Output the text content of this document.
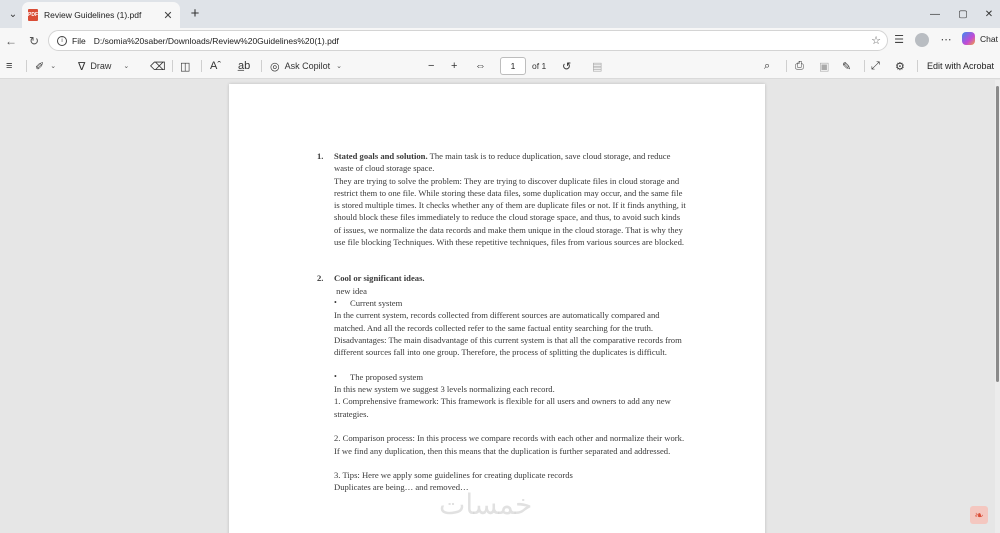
⌄	PDF Review Guidelines (1).pdf	✕	+	—	▢	✕
← ↻	i	File D:/somia%20saber/Downloads/Review%20Guidelines%20(1).pdf	☆ ☰	⋯	Chat
≡ ✐ ⌄ ∇ Draw ⌄ ⌫ ◫ Aˆ a̲b ◎ Ask Copilot ⌄	− + ⇔	1	of 1 ↺ ▤	⌕ ⎙ ▣ ✎ ⤢ ⚙ Edit with Acrobat
1.	Stated goals and solution. The main task is to reduce duplication, save cloud storage, and reduce waste of cloud storage space.
They are trying to solve the problem: They are trying to discover duplicate files in cloud storage and restrict them to one file. While storing these data files, some duplication may occur, and the same file is stored multiple times. It checks whether any of them are duplicate files or not. If it finds anything, it should block these files immediately to reduce the cloud storage space, and thus, to avoid such kinds of issues, we normalize the data records and make them unique in the cloud storage. That is why they use file blocking Techniques. With these repetitive techniques, files from various sources are blocked.
2.	Cool or significant ideas.
new idea
• Current system
In the current system, records collected from different sources are automatically compared and matched. And all the records collected refer to the same factual entity searching for the truth.
Disadvantages: The main disadvantage of this current system is that all the comparative records from different sources fall into one group. Therefore, the process of splitting the duplicates is difficult.
• The proposed system
In this new system we suggest 3 levels normalizing each record.
1. Comprehensive framework: This framework is flexible for all users and owners to add any new strategies.
2. Comparison process: In this process we compare records with each other and normalize their work. If we find any duplication, then this means that the duplication is further separated and addressed.
3. Tips: Here we apply some guidelines for creating duplicate records
Duplicates are being… and removed…
خمسات	❧
